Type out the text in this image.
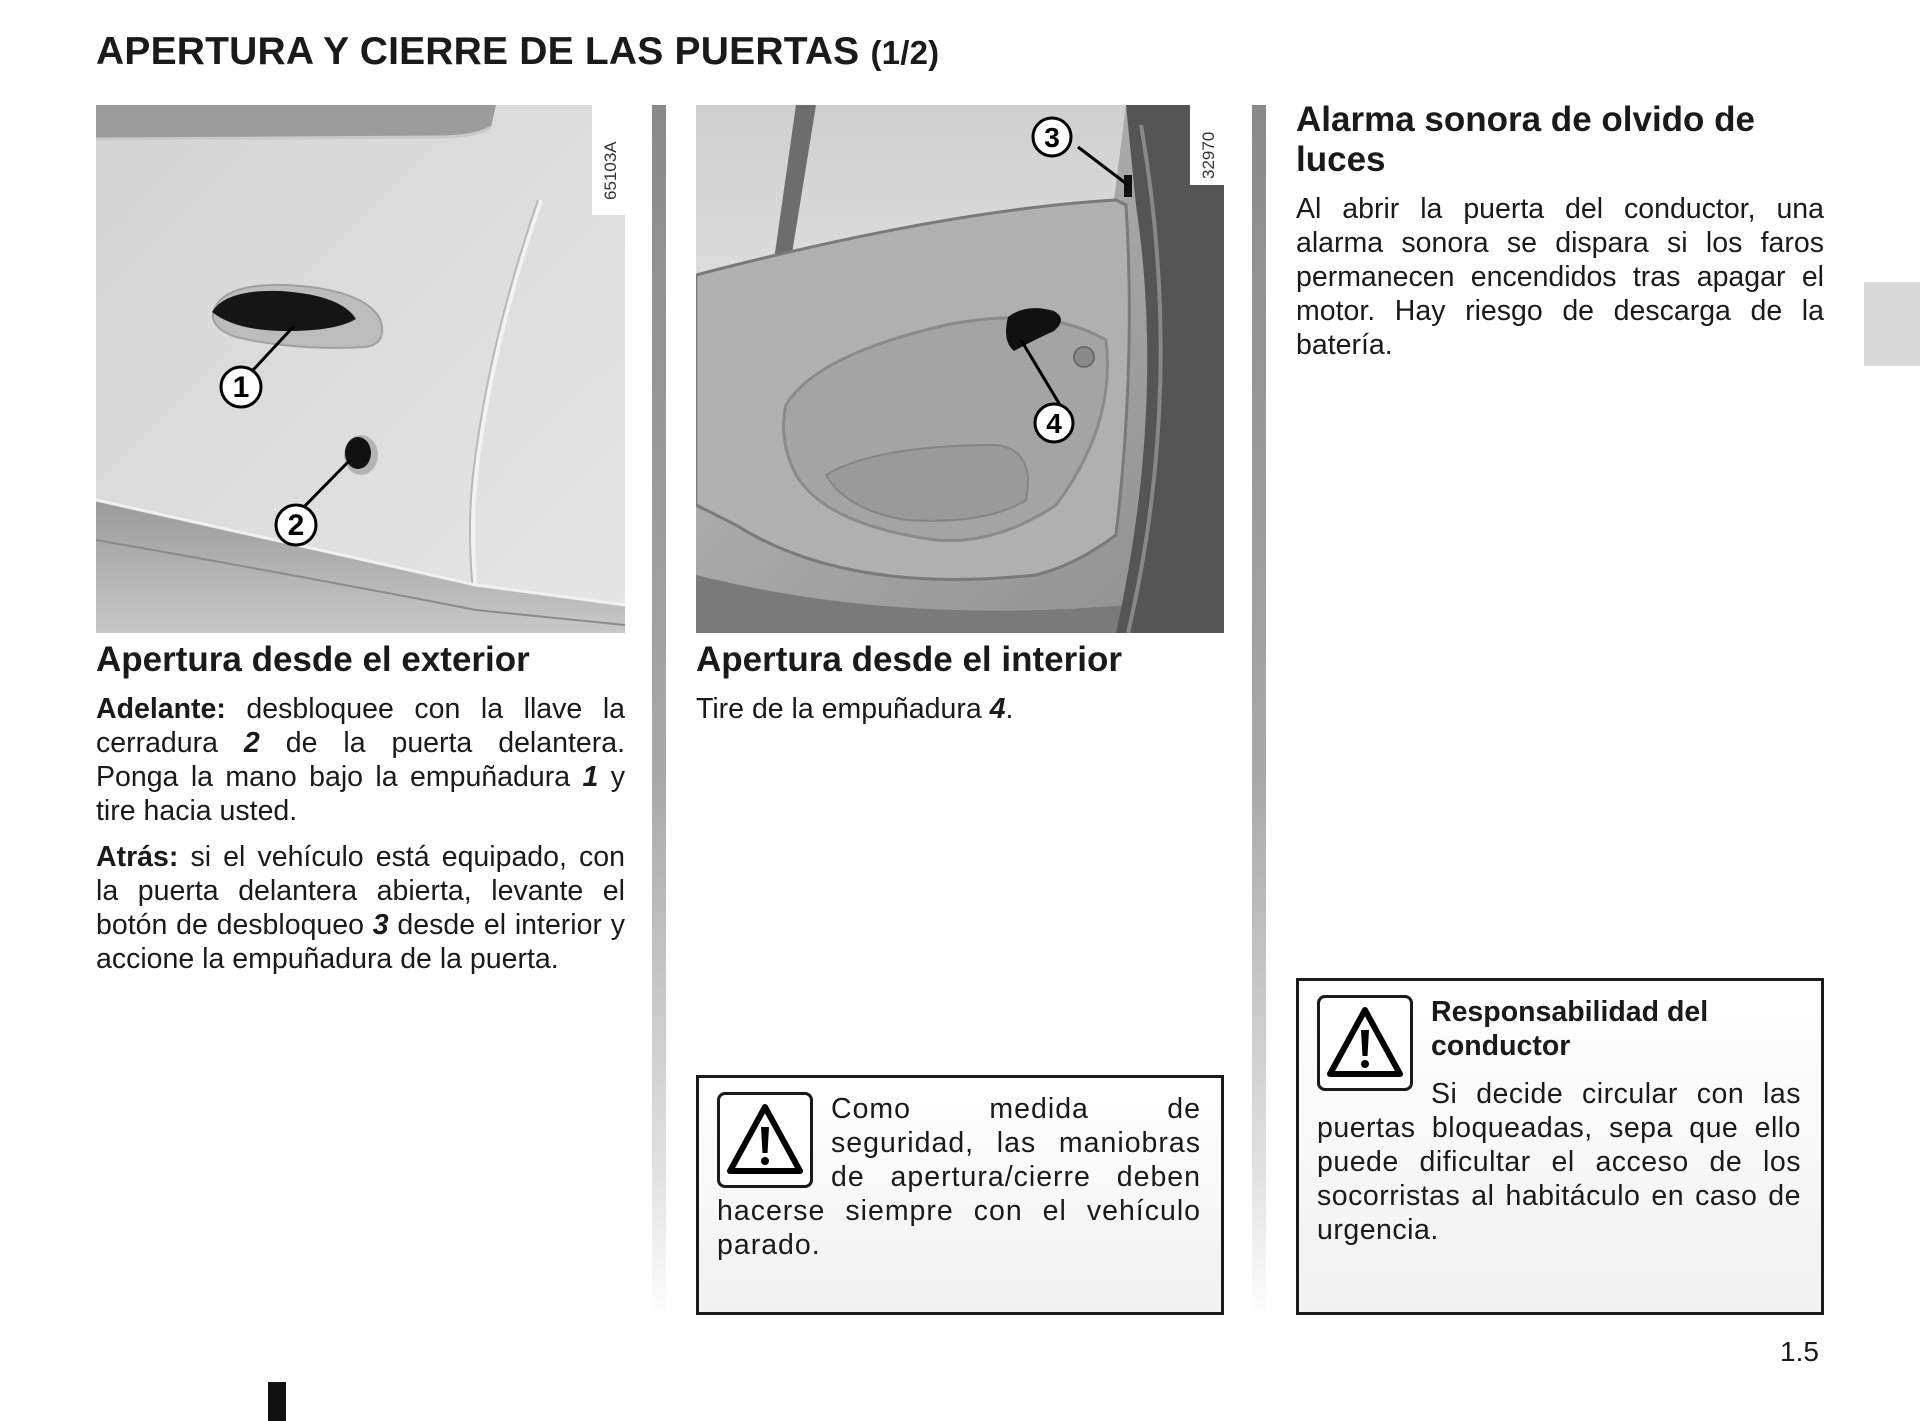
APERTURA Y CIERRE DE LAS PUERTAS (1/2)
1
2
65103A
3
4
32970
Apertura desde el exterior

Adelante: desbloquee con la llave la cerradura 2 de la puerta delantera. Ponga la mano bajo la empuñadura 1 y tire hacia usted.

Atrás: si el vehículo está equipado, con la puerta delantera abierta, levante el botón de desbloqueo 3 desde el interior y accione la empuñadura de la puerta.

Apertura desde el interior

Tire de la empuñadura 4.

Como medida de seguridad, las maniobras de apertura/cierre deben hacerse siempre con el vehículo parado.

Alarma sonora de olvido de luces

Al abrir la puerta del conductor, una alarma sonora se dispara si los faros permanecen encendidos tras apagar el motor. Hay riesgo de descarga de la batería.

Responsabilidad del conductor

Si decide circular con las puertas bloqueadas, sepa que ello puede dificultar el acceso de los socorristas al habitáculo en caso de urgencia.

1.5
